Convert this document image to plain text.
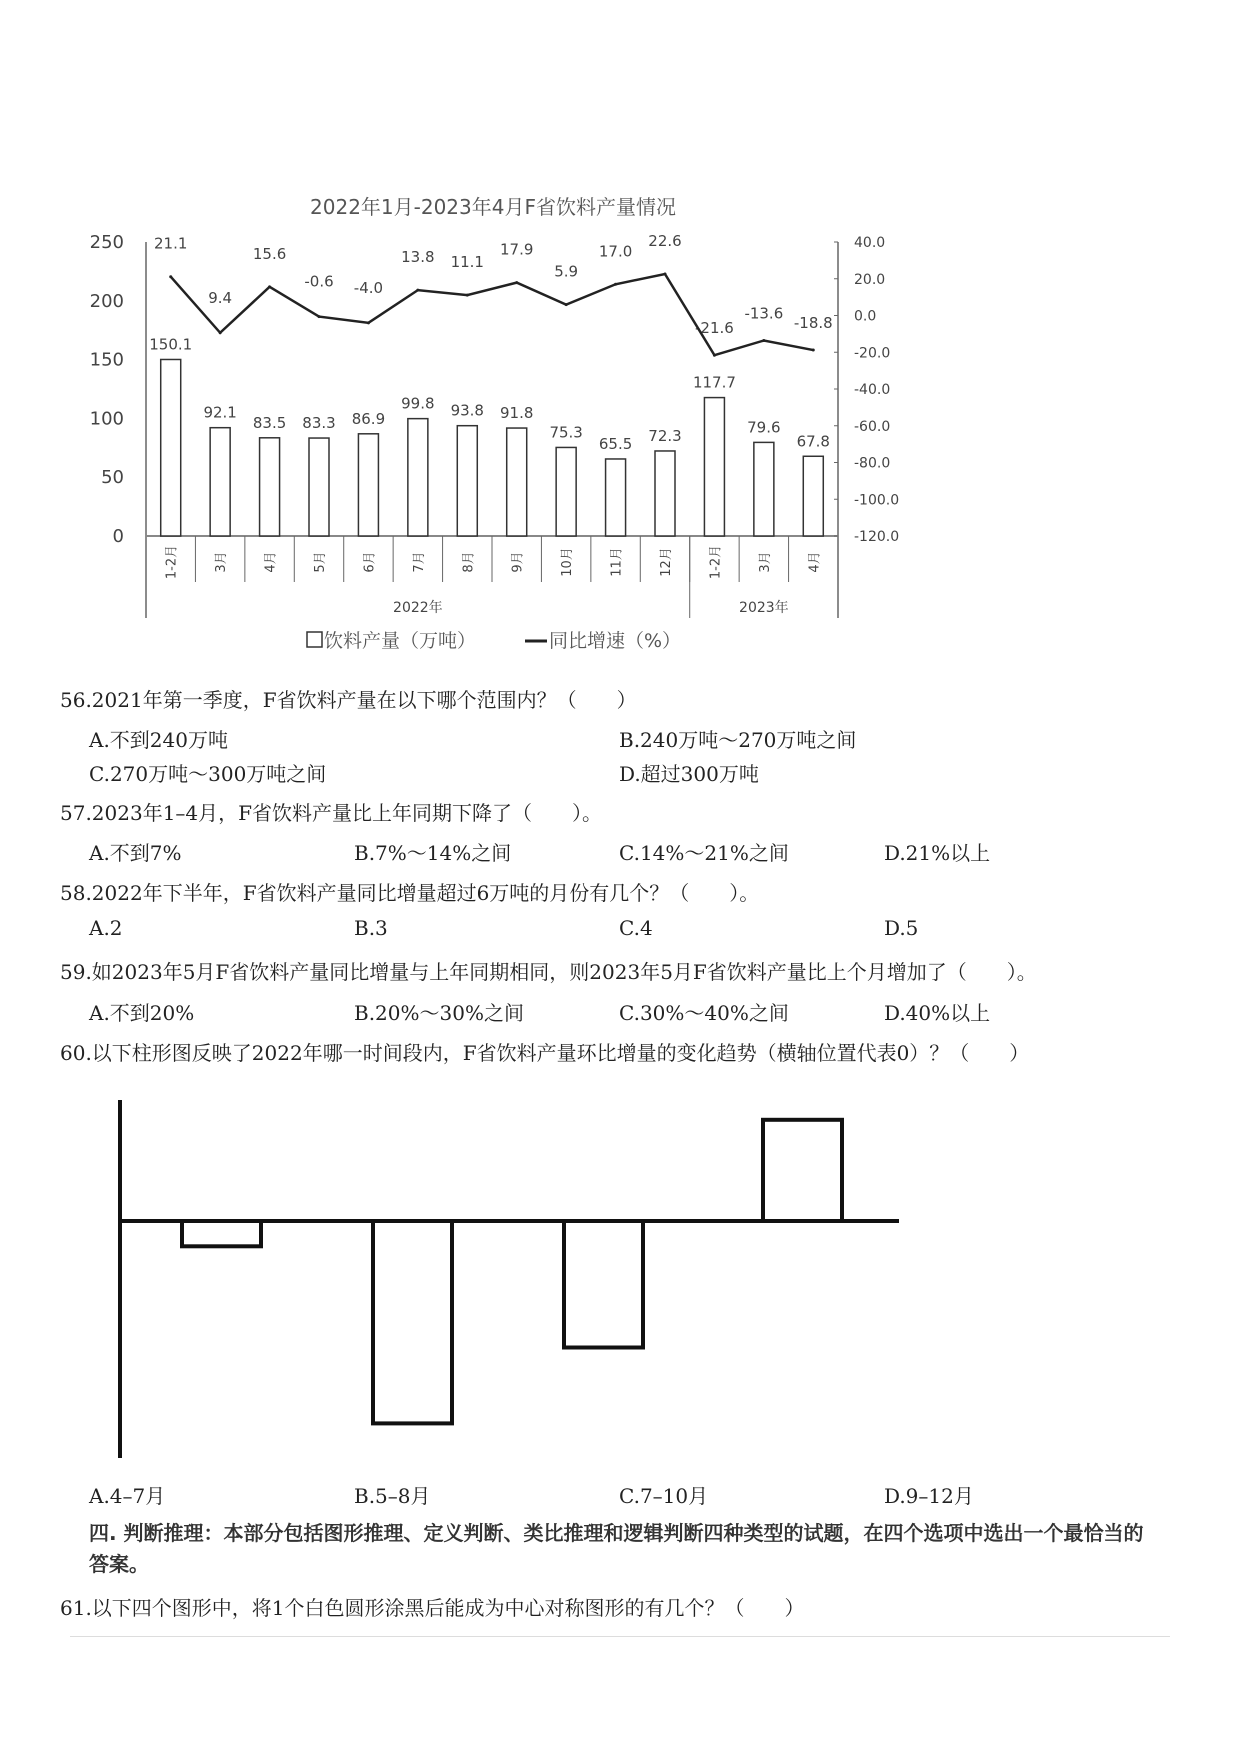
2022年1月-2023年4月F省饮料产量情况
0
50
100
150
200
250
-120.0
-100.0
-80.0
-60.0
-40.0
-20.0
0.0
20.0
40.0
150.1
21.1
1-2月
92.1
9.4
3月
83.5
15.6
4月
83.3
-0.6
5月
86.9
-4.0
6月
99.8
13.8
7月
93.8
11.1
8月
91.8
17.9
9月
75.3
5.9
10月
65.5
17.0
11月
72.3
22.6
12月
117.7
-21.6
1-2月
79.6
-13.6
3月
67.8
-18.8
4月
2022年	2023年
饮料产量（万吨）	同比增速（%）
56.2021年第一季度，F省饮料产量在以下哪个范围内？（　　）
A.不到240万吨	B.240万吨～270万吨之间
C.270万吨～300万吨之间	D.超过300万吨
57.2023年1–4月，F省饮料产量比上年同期下降了（　　）。
A.不到7%	B.7%～14%之间	C.14%～21%之间	D.21%以上
58.2022年下半年，F省饮料产量同比增量超过6万吨的月份有几个？（　　）。
A.2	B.3	C.4	D.5
59.如2023年5月F省饮料产量同比增量与上年同期相同，则2023年5月F省饮料产量比上个月增加了（　　）。
A.不到20%	B.20%～30%之间	C.30%～40%之间	D.40%以上
60.以下柱形图反映了2022年哪一时间段内，F省饮料产量环比增量的变化趋势（横轴位置代表0）？（　　）
A.4–7月	B.5–8月	C.7–10月	D.9–12月
四. 判断推理：本部分包括图形推理、定义判断、类比推理和逻辑判断四种类型的试题，在四个选项中选出一个最恰当的答案。
61.以下四个图形中，将1个白色圆形涂黑后能成为中心对称图形的有几个？（　　）
